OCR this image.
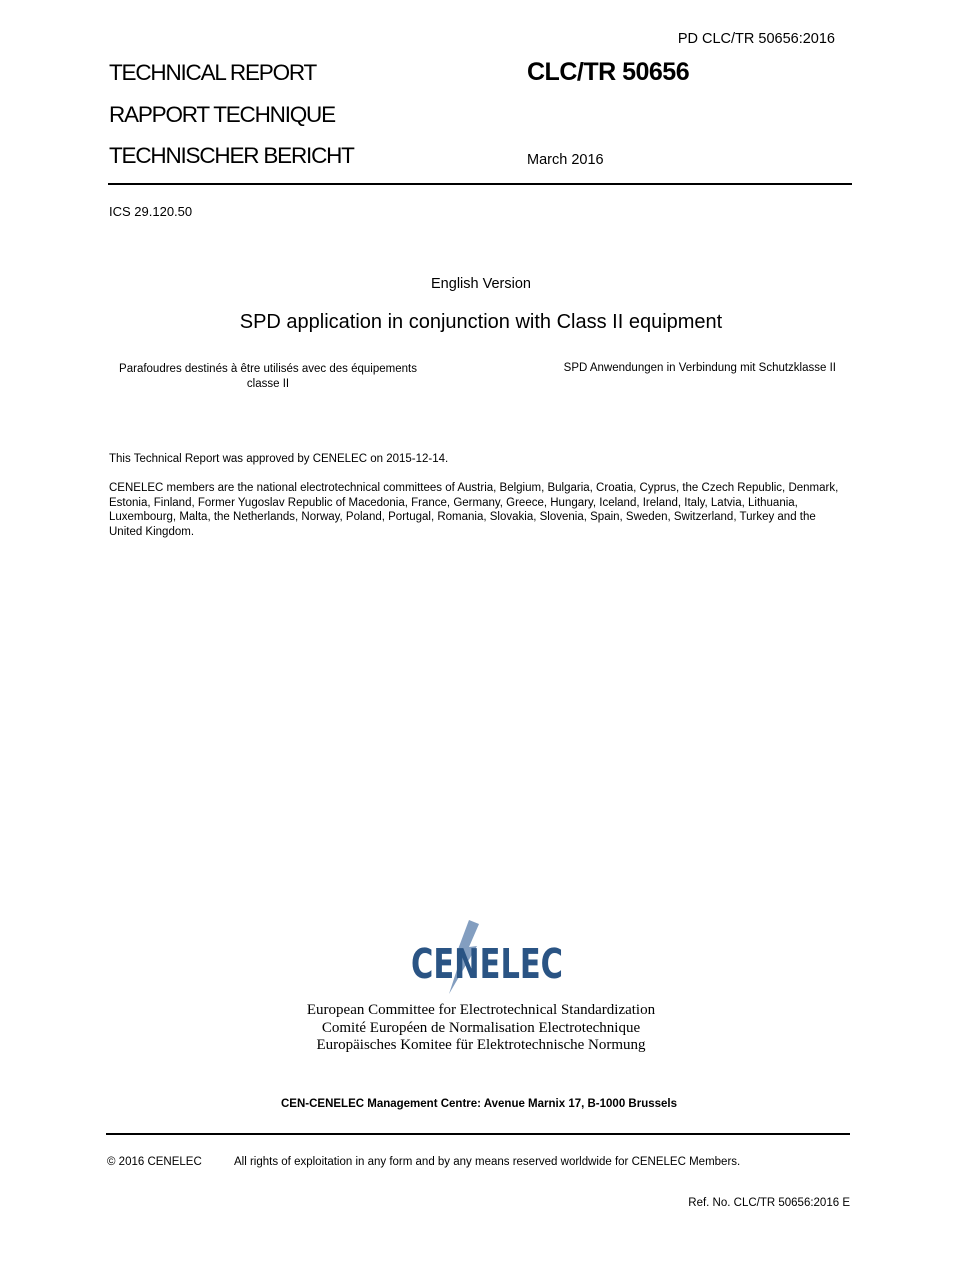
PD CLC/TR 50656:2016
TECHNICAL REPORT
RAPPORT TECHNIQUE
TECHNISCHER BERICHT
CLC/TR 50656
March 2016
ICS 29.120.50
English Version
SPD application in conjunction with Class II equipment
Parafoudres destinés à être utilisés avec des équipements classe II
SPD Anwendungen in Verbindung mit Schutzklasse II
This Technical Report was approved by CENELEC on 2015-12-14.
CENELEC members are the national electrotechnical committees of Austria, Belgium, Bulgaria, Croatia, Cyprus, the Czech Republic, Denmark, Estonia, Finland, Former Yugoslav Republic of Macedonia, France, Germany, Greece, Hungary, Iceland, Ireland, Italy, Latvia, Lithuania, Luxembourg, Malta, the Netherlands, Norway, Poland, Portugal, Romania, Slovakia, Slovenia, Spain, Sweden, Switzerland, Turkey and the United Kingdom.
CENELEC
European Committee for Electrotechnical Standardization
Comité Européen de Normalisation Electrotechnique
Europäisches Komitee für Elektrotechnische Normung
CEN-CENELEC Management Centre: Avenue Marnix 17, B-1000 Brussels
© 2016 CENELEC	All rights of exploitation in any form and by any means reserved worldwide for CENELEC Members.
Ref. No. CLC/TR 50656:2016 E
